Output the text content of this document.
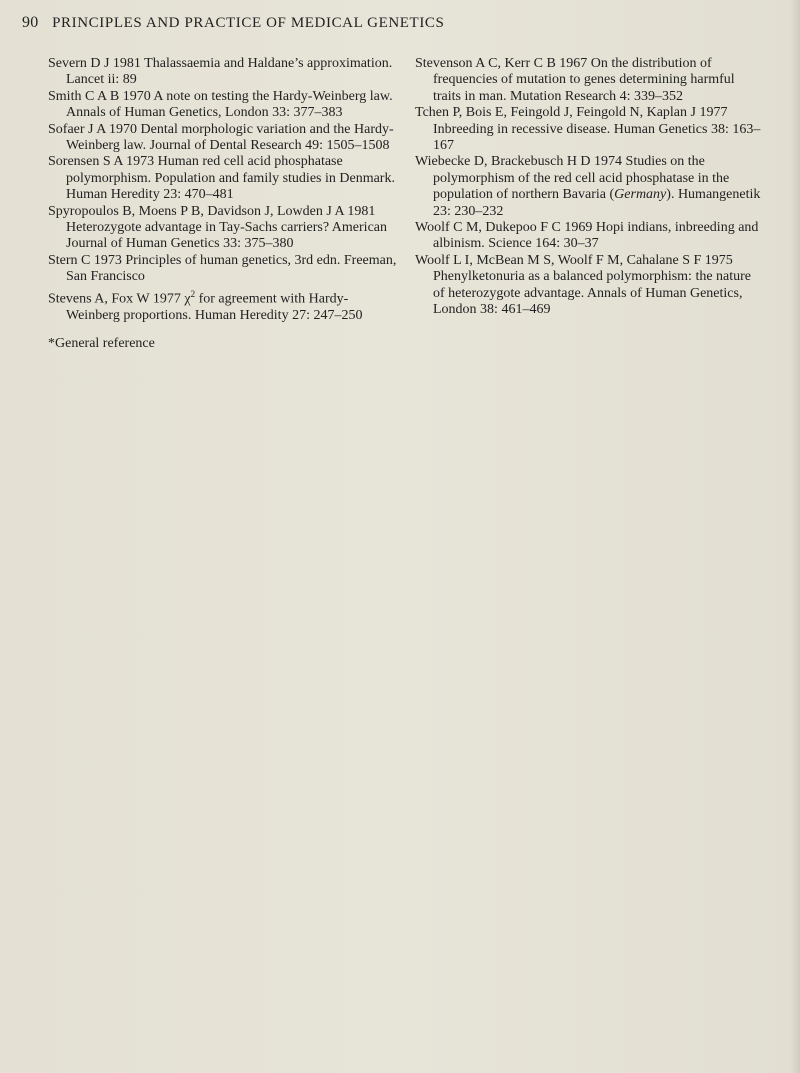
90 PRINCIPLES AND PRACTICE OF MEDICAL GENETICS

Severn D J 1981 Thalassaemia and Haldane’s approximation. Lancet ii: 89

Smith C A B 1970 A note on testing the Hardy-Weinberg law. Annals of Human Genetics, London 33: 377–383

Sofaer J A 1970 Dental morphologic variation and the Hardy-Weinberg law. Journal of Dental Research 49: 1505–1508

Sorensen S A 1973 Human red cell acid phosphatase polymorphism. Population and family studies in Denmark. Human Heredity 23: 470–481

Spyropoulos B, Moens P B, Davidson J, Lowden J A 1981 Heterozygote advantage in Tay-Sachs carriers? American Journal of Human Genetics 33: 375–380

Stern C 1973 Principles of human genetics, 3rd edn. Freeman, San Francisco

Stevens A, Fox W 1977 $\chi^2$ for agreement with Hardy-Weinberg proportions. Human Heredity 27: 247–250

*General reference

Stevenson A C, Kerr C B 1967 On the distribution of frequencies of mutation to genes determining harmful traits in man. Mutation Research 4: 339–352

Tchen P, Bois E, Feingold J, Feingold N, Kaplan J 1977 Inbreeding in recessive disease. Human Genetics 38: 163–167

Wiebecke D, Brackebusch H D 1974 Studies on the polymorphism of the red cell acid phosphatase in the population of northern Bavaria (Germany). Humangenetik 23: 230–232

Woolf C M, Dukepoo F C 1969 Hopi indians, inbreeding and albinism. Science 164: 30–37

Woolf L I, McBean M S, Woolf F M, Cahalane S F 1975 Phenylketonuria as a balanced polymorphism: the nature of heterozygote advantage. Annals of Human Genetics, London 38: 461–469
